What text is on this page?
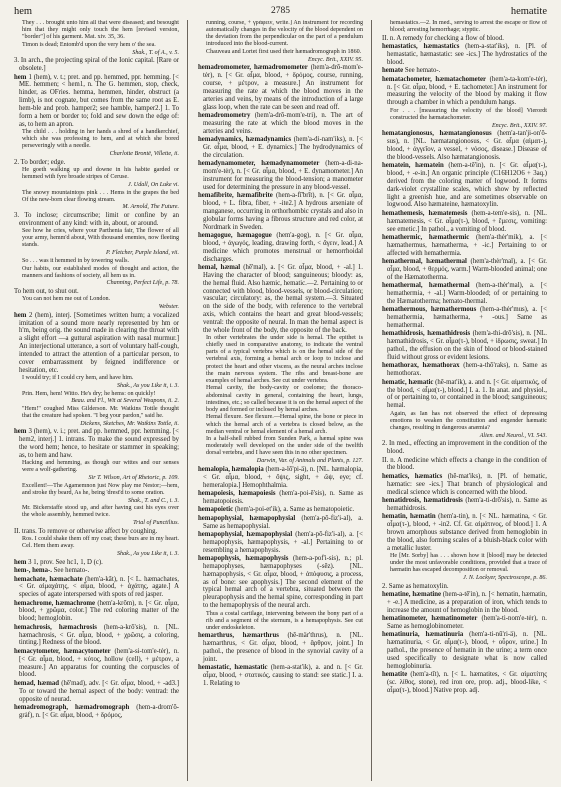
hem	2785	hematite

They . . . brought unto him all that were diseased; and besought him that they might only touch the hem [revised version, "border"] of his garment. Mat. xiv. 35, 36.

Timon is dead; Entomb'd upon the very hem o' the sea.

Shak., T. of A., v. 5.

3. In arch., the projecting spiral of the Ionic capital. [Rare or obsolete.]

hem 1 (hem), v. t.; pret. and pp. hemmed, ppr. hemming. [< ME. hemmen; < hem1, n. The G. hemmen, stop, check, hinder, as OFries. hemma, hemmen, hinder, obstruct (a limb), is not cognate, but comes from the same root as E. hem-ble and prob. hamper2; see hamble, hamper2.] 1. To form a hem or border to; fold and sew down the edge of: as, to hem an apron.

The child . . . holding in her hands a shred of a handkerchief, which she was professing to hem, and at which she bored perseveringly with a needle.

Charlotte Brontë, Villette, ii.

2. To border; edge.

He goeth walking up and downe in his habite garded or hemmed with fyre broade stripes of Ceruse.

J. Udall, On Luke vi.

The snowy mountaintops pink . . . Hems in the grapes the bed Of the new-born clear flowing stream.

M. Arnold, The Future.

3. To inclose; circumscribe; limit or confine by an environment of any kind: with in, about, or around.

See how he cries, where your Parthenia fair, The flower of all your army, hemm'd about, With thousand enemies, now fleeting stands.

P. Fletcher, Purple Island, vii.

So . . . was it hemmed in by towering walls.

Our habits, our established modes of thought and action, the manners and fashions of society, all hem us in.

Channing, Perfect Life, p. 78.

To hem out, to shut out.

You can not hem me out of London.

Webster.

hem 2 (hem), interj. [Sometimes written hum; a vocalized imitation of a sound more nearly represented by hm or h'm, being orig. the sound made in clearing the throat with a slight effort —a guttural aspiration with nasal murmur.] An interjectional utterance, a sort of voluntary half-cough, intended to attract the attention of a particular person, to cover embarrassment by feigned indifference or hesitation, etc.

I would try; if I could cry hem, and have him.

Shak., As you Like it, i. 3.

Prin. Hem, hem! Witto. He's dry; he hems: on quickly!

Beau. and Fl., Wit at Several Weapons, ii. 2.

"Hem!" coughed Miss Gilderson. Mr. Watkins Tottle thought that the creature had spoken. "I beg your pardon," said he.

Dickens, Sketches, Mr. Watkins Tottle, ii.

hem 3 (hem), v. i.; pret. and pp. hemmed, ppr. hemming. [< hem2, interj.] 1. intrans. To make the sound expressed by the word hem; hence, to hesitate or stammer in speaking; as, to hem and haw.

Hacking and hemming, as though our wittes and our senses were a wolf-gathering.

Sir T. Wilson, Art of Rhetoric, p. 109.

Excellent!—The Agamemnon just Now play me Nestor;—hem, and stroke thy beard, As he, being 'drest'd to some oration.

Shak., T. and C., i. 3.

Mr. Bickerstaffe stood up, and after having cast his eyes over the whole assembly, hemmed twice.

Trial of Punctilius.

II. trans. To remove or otherwise affect by coughing.

Ros. I could shake them off my coat; these burs are in my heart. Cel. Hem them away.

Shak., As you Like it, i. 3.

hem 3 1, prov. See hc1, 1, D (c).

hem-, hema-. See hemato-.

hemachate, hæmachate (hem'a-kāt), n. [< L. hæmachates, < Gr. αἱμαχάτης, < αἷμα, blood, + ἀχάτης, agate.] A species of agate interspersed with spots of red jasper.

hemachrome, hæmachrome (hem'a-krōm), n. [< Gr. αἷμα, blood, + χρῶμα, color.] The red coloring matter of the blood; hemoglobin.

hemachrosis, hæmachrosis (hem-a-krō'sis), n. [NL. hæmachrosis, < Gr. αἷμα, blood, + χρῶσις, a coloring, tinting.] Redness of the blood.

hemacytometer, hæmacytometer (hem'a-si-tom'e-tėr), n. [< Gr. αἷμα, blood, + κύτος, hollow (cell), + μέτρον, a measure.] An apparatus for counting the corpuscles of blood.

hemad, hæmad (hē'mad), adv. [< Gr. αἷμα, blood, + -ad3.] To or toward the hemal aspect of the body: ventrad: the opposite of neurad.

hemadromograph, hæmadromograph (hem-a-drom'ō-grȧf), n. [< Gr. αἷμα, blood, + δρόμος,

running, course, + γράφειν, write.] An instrument for recording automatically changes in the velocity of the blood dependent on the deviation from the perpendicular on the part of a pendulum introduced into the blood-current.

Chauveau and Lortet first used their hæmadromograph in 1860.

Encyc. Brit., XXIV. 95.

hemadromometer, hæmadromometer (hem'a-drō-mom'e-tėr), n. [< Gr. αἷμα, blood, + δρόμος, course, running, course, + μέτρον, a measure.] An instrument for measuring the rate at which the blood moves in the arteries and veins, by means of the introduction of a large glass loop, when the rate can be seen and read off.

hemadromometry (hem'a-drō-mom'e-tri), n. The art of measuring the rate at which the blood moves in the arteries and veins.

hemadynamics, hæmadynamics (hem'a-di-nam'iks), n. [< Gr. αἷμα, blood, + E. dynamics.] The hydrodynamics of the circulation.

hemadynamometer, hæmadynamometer (hem-a-di-na-mom'e-tėr), n. [< Gr. αἷμα, blood, + E. dynamometer.] An instrument for measuring the blood-tension; a manometer used for determining the pressure in any blood-vessel.

hemafibrite, hæmafibrite (hem-a-fī'brīt), n. [< Gr. αἷμα, blood, + L. fibra, fiber, + -ite2.] A hydrous arseniate of manganese, occurring in orthorhombic crystals and also in globular forms having a fibrous structure and red color, at Nordmark in Sweden.

hemagogue, hæmagogue (hem'a-gog), n. [< Gr. αἷμα, blood, + ἀγωγός, leading, drawing forth, < ἄγειν, lead.] A medicine which promotes menstrual or hemorrhoidal discharges.

hemal, hæmal (hē'mal), a. [< Gr. αἷμα, blood, + -al.] 1. Having the character of blood; sanguineous; bloody: as, the hemal fluid. Also hæmic, hematic.—2. Pertaining to or connected with blood, blood-vessels, or blood-circulation; vascular; circulatory: as, the hemal system.—3. Situated on the side of the body, with reference to the vertebral axis, which contains the heart and great blood-vessels; ventral: the opposite of neural. In man the hemal aspect is the whole front of the body, the opposite of the back.

In other vertebrates the under side is hemal. The epithet is chiefly used in comparative anatomy, to indicate the ventral parts of a typical vertebra which is on the hemal side of the vertebral axis, forming a hemal arch or loop to inclose and protect the heart and other viscera, as the neural arches inclose the main nervous system. The ribs and breast-bone are examples of hemal arches. See cut under vertebra.

Hemal cavity, the body-cavity or coelome; the thoraco-abdominal cavity in general, containing the heart, lungs, intestines, etc.; so called because it is on the hemal aspect of the body and formed or inclosed by hemal arches.

Hemal flexure. See flexure.—Hemal spine, the bone or piece in which the hemal arch of a vertebra is closed below, as the median ventral or hemal element of a hemal arch.

In a half-shell rubbed from Sunden Park, a hæmal spine was moderately well developed on the under side of the twelfth dorsal vertebra, and I have seen this in no other specimen.

Darwin, Var. of Animals and Plants, p. 127.

hemalopia, hæmalopia (hem-a-lō'pi-ä), n. [NL. hæmalopia, < Gr. αἷμα, blood, + ὄψις, sight, + ὤψ, eye; cf. hemeralopia.] Hemophthalmia.

hemapoiesis, hæmapoiesis (hem'a-poi-ē'sis), n. Same as hematopoiesis.

hemapoietic (hem'a-poi-et'ik), a. Same as hematopoietic.

hemapophysial, hæmapophysial (hem'a-pō-fiz'i-al), a. Same as hemapophysial.

hemapophysial, hæmapophysial (hem'a-pō-fiz'i-al), a. [< hemapophysis, hæmapophysis, + -al.] Pertaining to or resembling a hemapophysis.

hemapophysis, hæmapophysis (hem-a-pof'i-sis), n.; pl. hemapophyses, hæmapophyses (-sēz). [NL. hæmapophysis, < Gr. αἷμα, blood, + ἀπόφυσις, a process, as of bone: see apophysis.] The second element of the typical hemal arch of a vertebra, situated between the pleurapophysis and the hemal spine, corresponding in part to the hemapophysis of the neural arch.

Thus a costal cartilage, intervening between the bony part of a rib and a segment of the sternum, is a hemapophysis. See cut under endoskeleton.

hemarthrus, hæmarthrus (hē-mär'thrus), n. [NL. hæmarthrus, < Gr. αἷμα, blood, + ἄρθρον, joint.] In pathol., the presence of blood in the synovial cavity of a joint.

hemastatic, hæmastatic (hem-a-stat'ik), a. and n. [< Gr. αἷμα, blood, + στατικός, causing to stand: see static.] I. a. 1. Relating to

hemastatics.—2. In med., serving to arrest the escape or flow of blood; arresting hemorrhage; styptic.

II. n. A remedy for checking a flow of blood.

hemastatics, hæmastatics (hem-a-stat'iks), n. [Pl. of hemastatic, hæmastatic: see -ics.] The hydrostatics of the blood.

hemate See hemato-.

hematachometer, hæmatachometer (hem'a-ta-kom'e-tėr), n. [< Gr. αἷμα, blood, + E. tachometer.] An instrument for measuring the velocity of the blood by making it flow through a chamber in which a pendulum hangs.

For . . . [measuring the velocity of the blood] Vierordt constructed the hæmatachometer.

Encyc. Brit., XXIV. 97.

hematangionosus, hæmatangionosus (hem'a-tan'ji-on'ō-sus), n. [NL. hæmatangionosus, < Gr. αἷμα (αἱματ-), blood, + ἀγγεῖον, a vessel, + νόσος, disease.] Disease of the blood-vessels. Also hæmatangionosis.

hematein, hæmatein (hem-a-tē'in), n. [< Gr. αἷμα(τ-), blood, + -e-in.] An organic principle (C16H12O6 + 3aq.) derived from the coloring matter of logwood. It forms dark-violet crystalline scales, which show by reflected light a greenish hue, and are sometimes observable on logwood. Also hæmateine, hæmatoxylin.

hemathemesis, hæmatemesis (hem-a-tem'e-sis), n. [NL. hæmatemesis, < Gr. αἷμα(τ-), blood, + ἔμεσις, vomiting: see emetic.] In pathol., a vomiting of blood.

hemathermic, hæmathermic (hem'a-thėr'mik), a. [< hæmathermus, hæmatherma, + -ic.] Pertaining to or affected with hemathermia.

hemathermal, hæmathermal (hem'a-thėr'mal), a. [< Gr. αἷμα, blood, + θερμός, warm.] Warm-blooded animal; one of the Hæmatotherma.

hemathermal, hæmathermal (hem-a-thėr'mal), a. [< hemathermia, + -al.] Warm-blooded; of or pertaining to the Hæmatotherma; hemato-thermal.

hemathermous, hæmathermous (hem-a-thėr'mus), a. [< hemathermia, hæmatherma, + -ous.] Same as hemathermal.

hemathidrosis, hæmathidrosis (hem'a-thi-drō'sis), n. [NL. hæmathidrosis, < Gr. αἷμα(τ-), blood, + ἱδρωσις, sweat.] In pathol., the effusion on the skin of blood or blood-stained fluid without gross or evident lesions.

hemathorax, hæmathorax (hem-a-thō'raks), n. Same as hemothorax.

hematic, hæmatic (hē-mat'ik), a. and n. [< Gr. αἱματικός, of the blood, < αἷμα(τ-), blood.] I. a. 1. In anat. and physiol., of or pertaining to, or contained in the blood; sanguineous; hemal.

Again, as Ian has not observed the effect of depressing emotions to weaken the constitution and engender hæmatic changes, resulting in dangerous anæmia?

Alien. and Neurol., VI. 543.

2. In med., effecting an improvement in the condition of the blood.

II. n. A medicine which effects a change in the condition of the blood.

hematics, hæmatics (hē-mat'iks), n. [Pl. of hematic, hæmatic: see -ics.] That branch of physiological and medical science which is concerned with the blood.

hematidrosis, hæmatidrosis (hem'a-ti-drō'sis), n. Same as hemathidrosis.

hematin, hæmatin (hem'a-tin), n. [< NL. hæmatina, < Gr. αἷμα(τ-), blood, + -in2. Cf. Gr. αἱμάτινος, of blood.] 1. A brown amorphous substance derived from hemoglobin in the blood, also forming scales of a bluish-black color with a metallic luster.

He [Mr. Sorby] has . . . shown how it [blood] may be detected under the most unfavorable conditions, provided that a trace of hæmatin has escaped decomposition or removal.

J. N. Lockyer, Spectroscope, p. 86.

2. Same as hematoxylin.

hematine, hæmatine (hem-a-tē'in), n. [< hematin, hæmatin, + -e.] A medicine, as a preparation of iron, which tends to increase the amount of hemoglobin in the blood.

hematinometer, hæmatinometer (hem'a-ti-nom'e-tėr), n. Same as hemoglobinometer.

hematinuria, hæmatinuria (hem'a-ti-nū'ri-ä), n. [NL. hæmatinuria, < Gr. αἷμα(τ-), blood, + οὖρον, urine.] In pathol., the presence of hematin in the urine; a term once used specifically to designate what is now called hemoglobinuria.

hematite (hem'a-tīt), n. [< L. hæmatites, < Gr. αἱματίτης (sc. λίθος, stone), red iron ore, prop. adj., blood-like, < αἷμα(τ-), blood.] Native prop. adj.
